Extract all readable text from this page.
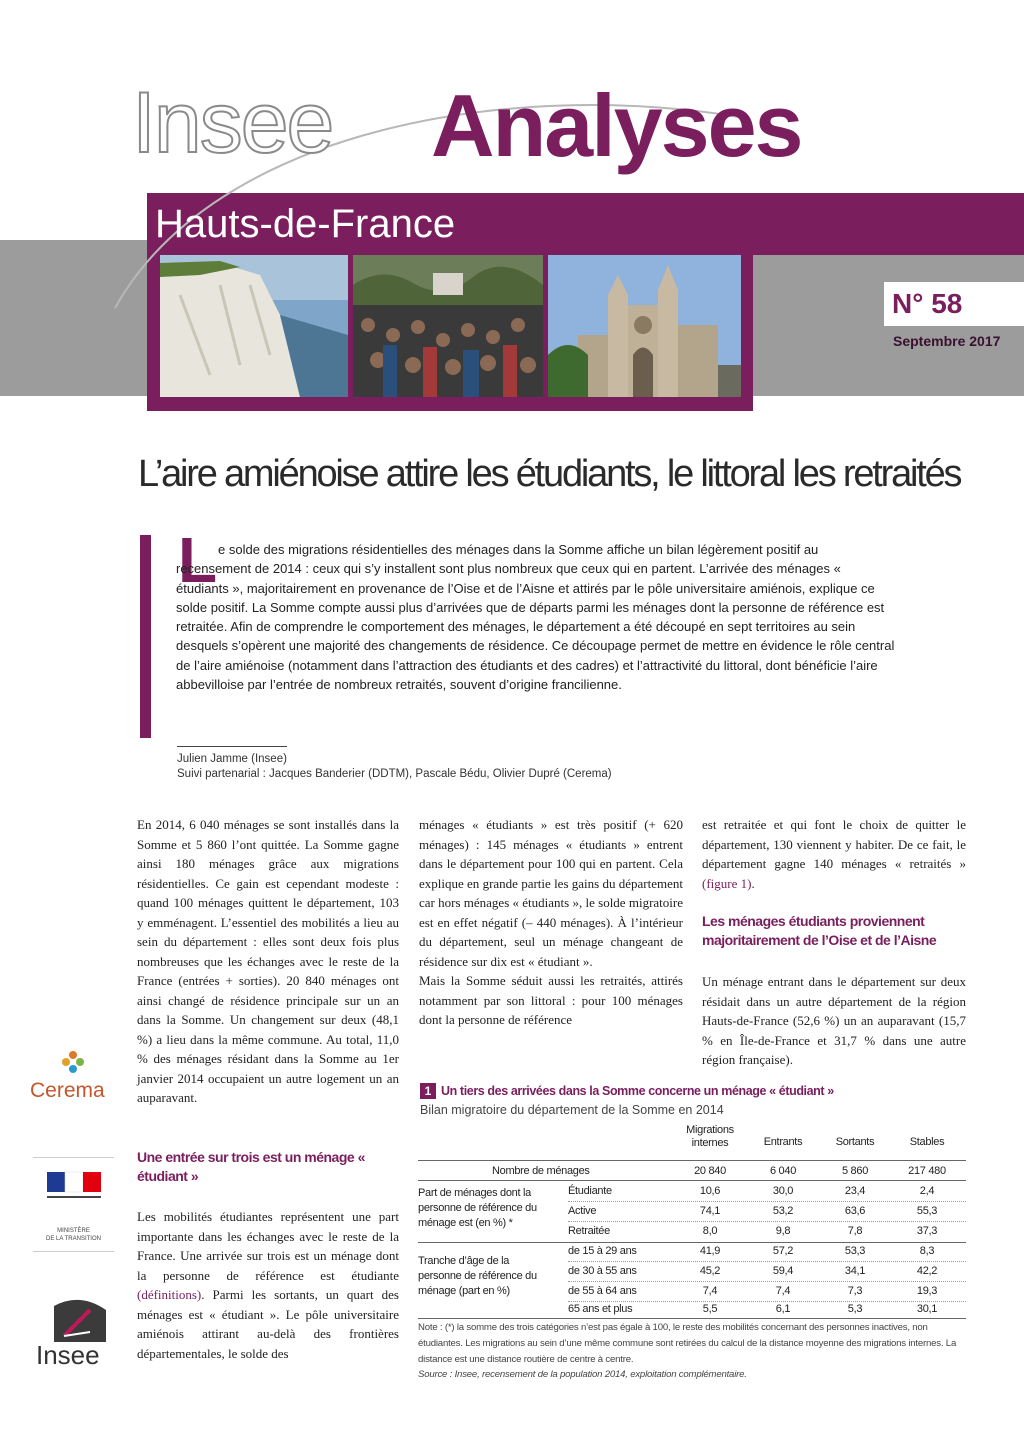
Insee Analyses
Hauts-de-France
N° 58
Septembre 2017
L’aire amiénoise attire les étudiants, le littoral les retraités
L e solde des migrations résidentielles des ménages dans la Somme affiche un bilan légèrement positif au recensement de 2014 : ceux qui s’y installent sont plus nombreux que ceux qui en partent. L’arrivée des ménages « étudiants », majoritairement en provenance de l’Oise et de l’Aisne et attirés par le pôle universitaire amiénois, explique ce solde positif. La Somme compte aussi plus d’arrivées que de départs parmi les ménages dont la personne de référence est retraitée. Afin de comprendre le comportement des ménages, le département a été découpé en sept territoires au sein desquels s’opèrent une majorité des changements de résidence. Ce découpage permet de mettre en évidence le rôle central de l’aire amiénoise (notamment dans l’attraction des étudiants et des cadres) et l’attractivité du littoral, dont bénéficie l’aire abbevilloise par l’entrée de nombreux retraités, souvent d’origine francilienne.

Julien Jamme (Insee)
Suivi partenarial : Jacques Banderier (DDTM), Pascale Bédu, Olivier Dupré (Cerema)

En 2014, 6 040 ménages se sont installés dans la Somme et 5 860 l’ont quittée. La Somme gagne ainsi 180 ménages grâce aux migrations résidentielles. Ce gain est cependant modeste : quand 100 ménages quittent le département, 103 y emménagent. L’essentiel des mobilités a lieu au sein du département : elles sont deux fois plus nombreuses que les échanges avec le reste de la France (entrées + sorties). 20 840 ménages ont ainsi changé de résidence principale sur un an dans la Somme. Un changement sur deux (48,1 %) a lieu dans la même commune. Au total, 11,0 % des ménages résidant dans la Somme au 1er janvier 2014 occupaient un autre logement un an auparavant.

Une entrée sur trois est un ménage « étudiant »
Les mobilités étudiantes représentent une part importante dans les échanges avec le reste de la France. Une arrivée sur trois est un ménage dont la personne de référence est étudiante (définitions). Parmi les sortants, un quart des ménages est « étudiant ». Le pôle universitaire amiénois attirant au-delà des frontières départementales, le solde des

ménages « étudiants » est très positif (+ 620 ménages) : 145 ménages « étudiants » entrent dans le département pour 100 qui en partent. Cela explique en grande partie les gains du département car hors ménages « étudiants », le solde migratoire est en effet négatif (– 440 ménages). À l’intérieur du département, seul un ménage changeant de résidence sur dix est « étudiant ».

Mais la Somme séduit aussi les retraités, attirés notamment par son littoral : pour 100 ménages dont la personne de référence

est retraitée et qui font le choix de quitter le département, 130 viennent y habiter. De ce fait, le département gagne 140 ménages « retraités » (figure 1).

Les ménages étudiants proviennent majoritairement de l’Oise et de l’Aisne

Un ménage entrant dans le département sur deux résidait dans un autre département de la région Hauts-de-France (52,6 %) un an auparavant (15,7 % en Île-de-France et 31,7 % dans une autre région française).

Cerema
MINISTÈRE
DE LA TRANSITION
Insee
1 Un tiers des arrivées dans la Somme concerne un ménage « étudiant »
Bilan migratoire du département de la Somme en 2014
Migrations internes	Entrants	Sortants	Stables
Nombre de ménages	20 840	6 040	5 860	217 480
Part de ménages dont la personne de référence du ménage est (en %) *
Étudiante	10,6	30,0	23,4	2,4
Active	74,1	53,2	63,6	55,3
Retraitée	8,0	9,8	7,8	37,3
Tranche d’âge de la personne de référence du ménage (part en %)
de 15 à 29 ans	41,9	57,2	53,3	8,3
de 30 à 55 ans	45,2	59,4	34,1	42,2
de 55 à 64 ans	7,4	7,4	7,3	19,3
65 ans et plus	5,5	6,1	5,3	30,1
Note : (*) la somme des trois catégories n’est pas égale à 100, le reste des mobilités concernant des personnes inactives, non étudiantes. Les migrations au sein d’une même commune sont retirées du calcul de la distance moyenne des migrations internes. La distance est une distance routière de centre à centre.
Source : Insee, recensement de la population 2014, exploitation complémentaire.
